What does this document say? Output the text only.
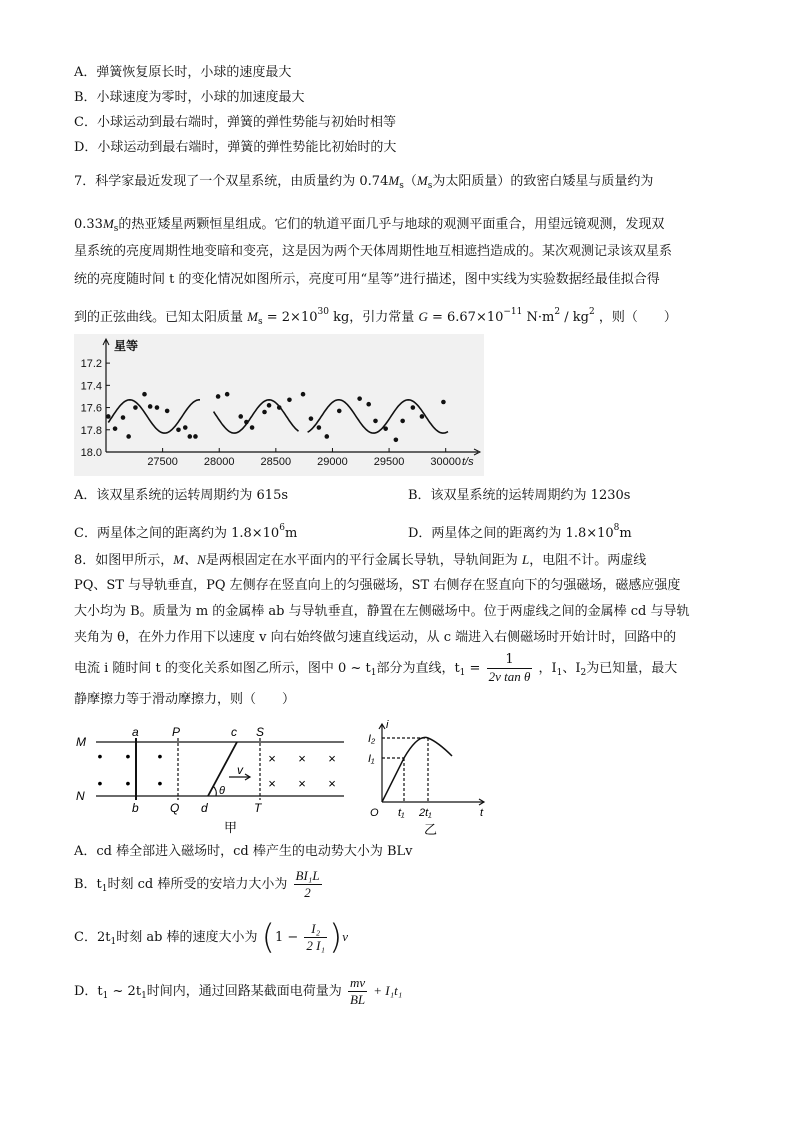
A．弹簧恢复原长时，小球的速度最大
B．小球速度为零时，小球的加速度最大
C．小球运动到最右端时，弹簧的弹性势能与初始时相等
D．小球运动到最右端时，弹簧的弹性势能比初始时的大
7．科学家最近发现了一个双星系统，由质量约为 $0.74M_s(M_s$为太阳质量）的致密白矮星与质量约为
$0.33M_s$的热亚矮星两颗恒星组成。它们的轨道平面几乎与地球的观测平面重合，用望远镜观测，发现双
星系统的亮度周期性地变暗和变亮，这是因为两个天体周期性地互相遮挡造成的。某次观测记录该双星系
统的亮度随时间 t 的变化情况如图所示，亮度可用“星等”进行描述，图中实线为实验数据经最佳拟合得
到的正弦曲线。已知太阳质量 $M_s = 2\times 10^{30}$ kg，引力常量 $G = 6.67\times 10^{-11}$ $N\cdot m^2 / kg^2$ ，则（　　）
17.2
17.4
17.6
17.8
18.0
27500 28000 28500 29000 29500 30000
星等
t/s
A．该双星系统的运转周期约为 615s	B．该双星系统的运转周期约为 1230s
C．两星体之间的距离约为 $1.8\times 10^6m$	D．两星体之间的距离约为 $1.8\times 10^8m$
8．如图甲所示，M、N是两根固定在水平面内的平行金属长导轨，导轨间距为 L，电阻不计。两虚线
PQ、ST 与导轨垂直，PQ 左侧存在竖直向上的匀强磁场，ST 右侧存在竖直向下的匀强磁场，磁感应强度
大小均为 B。质量为 m 的金属棒 ab 与导轨垂直，静置在左侧磁场中。位于两虚线之间的金属棒 cd 与导轨
夹角为 θ，在外力作用下以速度 v 向右始终做匀速直线运动，从 c 端进入右侧磁场时开始计时，回路中的
电流 i 随时间 t 的变化关系如图乙所示，图中 0 ~ $t_1$部分为直线，$t_1 = \frac{1}{\text{2v tan θ}}$ ，$I_1$、$I_2$为已知量，最大
静摩擦力等于滑动摩擦力，则（　　）
M
N
a
b
P
Q
c
d
S
T
v
θ
• • •
• • •
× × ×
× × ×
甲
i
t
O
I₂
I₁
t₁ 2t₁
乙
A．cd 棒全部进入磁场时，cd 棒产生的电动势大小为 BLv
B．$t_1$时刻 cd 棒所受的安培力大小为 $\frac{\text{BI₁L}}{2}$
C．$2t_1$时刻 ab 棒的速度大小为 $(1 - \frac{\text{I₂}}{\text{2 I₁}} )v$
D．$t_1$ ~ $2t_1$时间内，通过回路某截面电荷量为 $\frac{mv}{BL} + I_1t_1$
